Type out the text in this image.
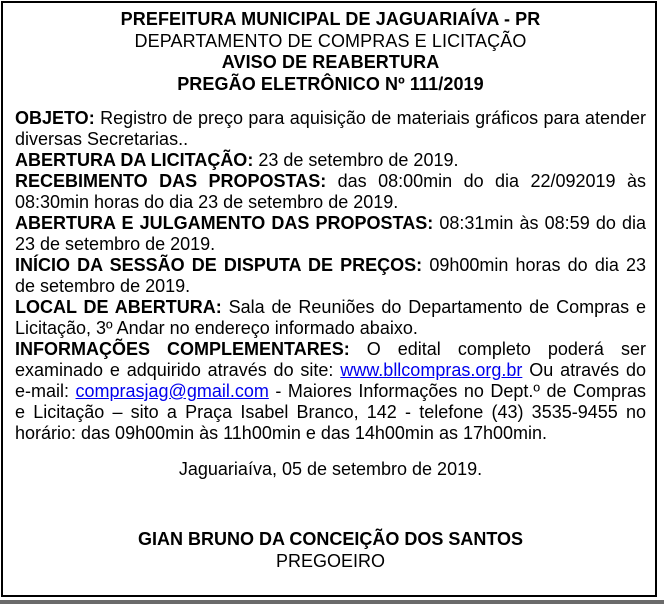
PREFEITURA MUNICIPAL DE JAGUARIAÍVA - PR
DEPARTAMENTO DE COMPRAS E LICITAÇÃO
AVISO DE REABERTURA
PREGÃO ELETRÔNICO Nº 111/2019

OBJETO: Registro de preço para aquisição de materiais gráficos para atender diversas Secretarias..

ABERTURA DA LICITAÇÃO: 23 de setembro de 2019.

RECEBIMENTO DAS PROPOSTAS: das 08:00min do dia 22/092019 às 08:30min horas do dia 23 de setembro de 2019.

ABERTURA E JULGAMENTO DAS PROPOSTAS: 08:31min às 08:59 do dia 23 de setembro de 2019.

INÍCIO DA SESSÃO DE DISPUTA DE PREÇOS: 09h00min horas do dia 23 de setembro de 2019.

LOCAL DE ABERTURA: Sala de Reuniões do Departamento de Compras e Licitação, 3º Andar no endereço informado abaixo.

INFORMAÇÕES COMPLEMENTARES: O edital completo poderá ser examinado e adquirido através do site: www.bllcompras.org.br Ou através do e-mail: comprasjag@gmail.com - Maiores Informações no Dept.º de Compras e Licitação – sito a Praça Isabel Branco, 142 - telefone (43) 3535-9455 no horário: das 09h00min às 11h00min e das 14h00min as 17h00min.

Jaguariaíva, 05 de setembro de 2019.
GIAN BRUNO DA CONCEIÇÃO DOS SANTOS
PREGOEIRO
